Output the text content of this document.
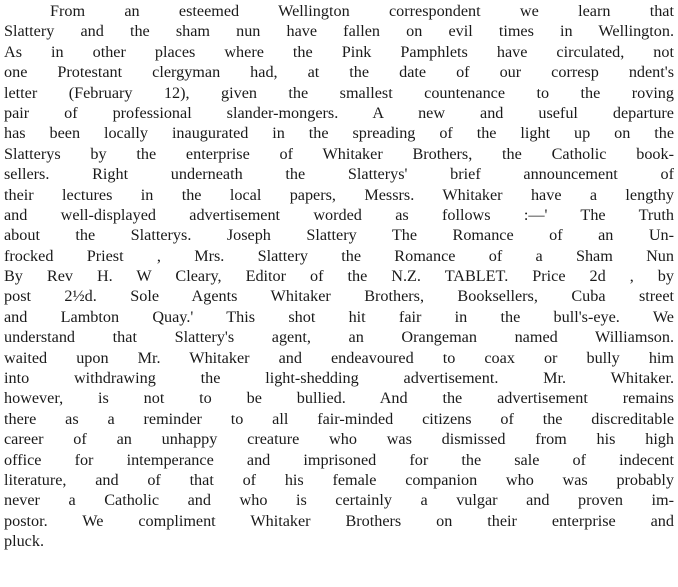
From an esteemed Wellington correspondent we learn that
Slattery and the sham nun have fallen on evil times in Wellington.
As in other places where the Pink Pamphlets have circulated, not
one Protestant clergyman had, at the date of our corresp ndent's
letter (February 12), given the smallest countenance to the roving
pair of professional slander-mongers. A new and useful departure
has been locally inaugurated in the spreading of the light up on the
Slatterys by the enterprise of Whitaker Brothers, the Catholic book-
sellers. Right underneath the Slatterys' brief announcement of
their lectures in the local papers, Messrs. Whitaker have a lengthy
and well-displayed advertisement worded as follows :—' The Truth
about the Slatterys. Joseph Slattery The Romance of an Un-
frocked Priest , Mrs. Slattery the Romance of a Sham Nun
By Rev H. W Cleary, Editor of the N.Z. TABLET. Price 2d , by
post 2½d. Sole Agents Whitaker Brothers, Booksellers, Cuba street
and Lambton Quay.' This shot hit fair in the bull's-eye. We
understand that Slattery's agent, an Orangeman named Williamson.
waited upon Mr. Whitaker and endeavoured to coax or bully him
into withdrawing the light-shedding advertisement. Mr. Whitaker.
however, is not to be bullied. And the advertisement remains
there as a reminder to all fair-minded citizens of the discreditable
career of an unhappy creature who was dismissed from his high
office for intemperance and imprisoned for the sale of indecent
literature, and of that of his female companion who was probably
never a Catholic and who is certainly a vulgar and proven im-
postor. We compliment Whitaker Brothers on their enterprise and
pluck.
